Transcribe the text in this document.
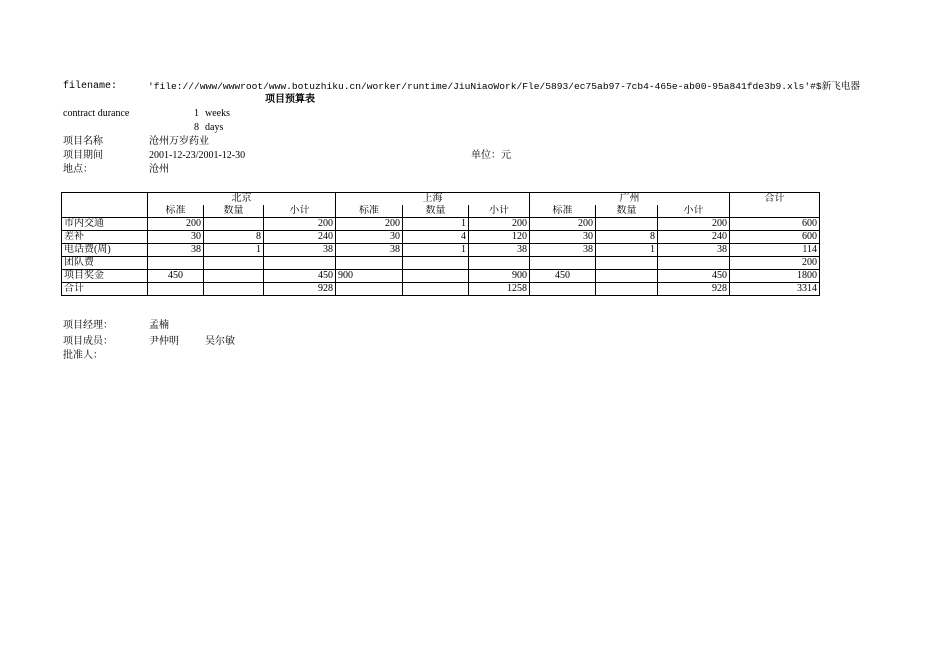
filename:	'file:///www/wwwroot/www.botuzhiku.cn/worker/runtime/JiuNiaoWork/Fle/5893/ec75ab97-7cb4-465e-ab00-95a841fde3b9.xls'#$新飞电器
项目预算表
contract durance	1 weeks
8 days
项目名称	沧州万岁药业
项目期间	2001-12-23/2001-12-30	单位：元
地点：	沧州
	北京			上海			广州			合计
	标准	数量	小计	标准	数量	小计	标准	数量	小计	
市内交通	200		200	200	1	200	200		200	600
差补	30	8	240	30	4	120	30	8	240	600
电话费(周)	38	1	38	38	1	38	38	1	38	114
团队费										200
项目奖金	450		450	900		900	450		450	1800
合计			928			1258			928	3314
项目经理：	孟楠
项目成员：	尹仲明	吴尔敏
批准人：
